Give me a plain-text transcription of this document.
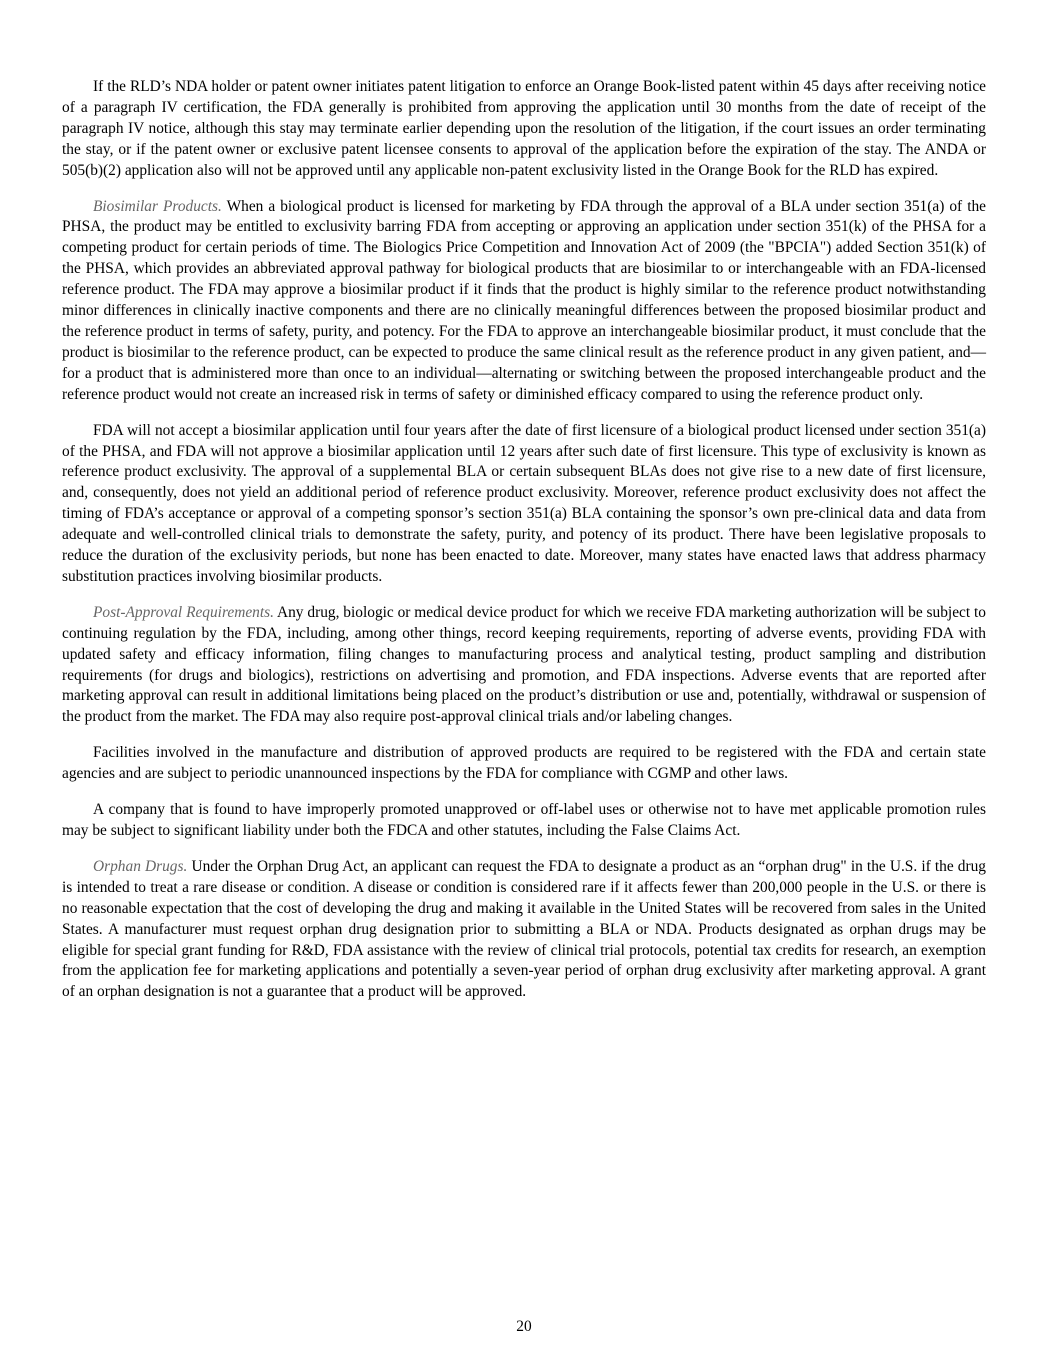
If the RLD’s NDA holder or patent owner initiates patent litigation to enforce an Orange Book-listed patent within 45 days after receiving notice of a paragraph IV certification, the FDA generally is prohibited from approving the application until 30 months from the date of receipt of the paragraph IV notice, although this stay may terminate earlier depending upon the resolution of the litigation, if the court issues an order terminating the stay, or if the patent owner or exclusive patent licensee consents to approval of the application before the expiration of the stay. The ANDA or 505(b)(2) application also will not be approved until any applicable non-patent exclusivity listed in the Orange Book for the RLD has expired.

Biosimilar Products. When a biological product is licensed for marketing by FDA through the approval of a BLA under section 351(a) of the PHSA, the product may be entitled to exclusivity barring FDA from accepting or approving an application under section 351(k) of the PHSA for a competing product for certain periods of time. The Biologics Price Competition and Innovation Act of 2009 (the "BPCIA") added Section 351(k) of the PHSA, which provides an abbreviated approval pathway for biological products that are biosimilar to or interchangeable with an FDA-licensed reference product. The FDA may approve a biosimilar product if it finds that the product is highly similar to the reference product notwithstanding minor differences in clinically inactive components and there are no clinically meaningful differences between the proposed biosimilar product and the reference product in terms of safety, purity, and potency. For the FDA to approve an interchangeable biosimilar product, it must conclude that the product is biosimilar to the reference product, can be expected to produce the same clinical result as the reference product in any given patient, and—for a product that is administered more than once to an individual—alternating or switching between the proposed interchangeable product and the reference product would not create an increased risk in terms of safety or diminished efficacy compared to using the reference product only.

FDA will not accept a biosimilar application until four years after the date of first licensure of a biological product licensed under section 351(a) of the PHSA, and FDA will not approve a biosimilar application until 12 years after such date of first licensure. This type of exclusivity is known as reference product exclusivity. The approval of a supplemental BLA or certain subsequent BLAs does not give rise to a new date of first licensure, and, consequently, does not yield an additional period of reference product exclusivity. Moreover, reference product exclusivity does not affect the timing of FDA’s acceptance or approval of a competing sponsor’s section 351(a) BLA containing the sponsor’s own pre-clinical data and data from adequate and well-controlled clinical trials to demonstrate the safety, purity, and potency of its product. There have been legislative proposals to reduce the duration of the exclusivity periods, but none has been enacted to date. Moreover, many states have enacted laws that address pharmacy substitution practices involving biosimilar products.

Post-Approval Requirements. Any drug, biologic or medical device product for which we receive FDA marketing authorization will be subject to continuing regulation by the FDA, including, among other things, record keeping requirements, reporting of adverse events, providing FDA with updated safety and efficacy information, filing changes to manufacturing process and analytical testing, product sampling and distribution requirements (for drugs and biologics), restrictions on advertising and promotion, and FDA inspections. Adverse events that are reported after marketing approval can result in additional limitations being placed on the product’s distribution or use and, potentially, withdrawal or suspension of the product from the market. The FDA may also require post-approval clinical trials and/or labeling changes.

Facilities involved in the manufacture and distribution of approved products are required to be registered with the FDA and certain state agencies and are subject to periodic unannounced inspections by the FDA for compliance with CGMP and other laws.

A company that is found to have improperly promoted unapproved or off-label uses or otherwise not to have met applicable promotion rules may be subject to significant liability under both the FDCA and other statutes, including the False Claims Act.

Orphan Drugs. Under the Orphan Drug Act, an applicant can request the FDA to designate a product as an “orphan drug" in the U.S. if the drug is intended to treat a rare disease or condition. A disease or condition is considered rare if it affects fewer than 200,000 people in the U.S. or there is no reasonable expectation that the cost of developing the drug and making it available in the United States will be recovered from sales in the United States. A manufacturer must request orphan drug designation prior to submitting a BLA or NDA. Products designated as orphan drugs may be eligible for special grant funding for R&D, FDA assistance with the review of clinical trial protocols, potential tax credits for research, an exemption from the application fee for marketing applications and potentially a seven-year period of orphan drug exclusivity after marketing approval. A grant of an orphan designation is not a guarantee that a product will be approved.

20
